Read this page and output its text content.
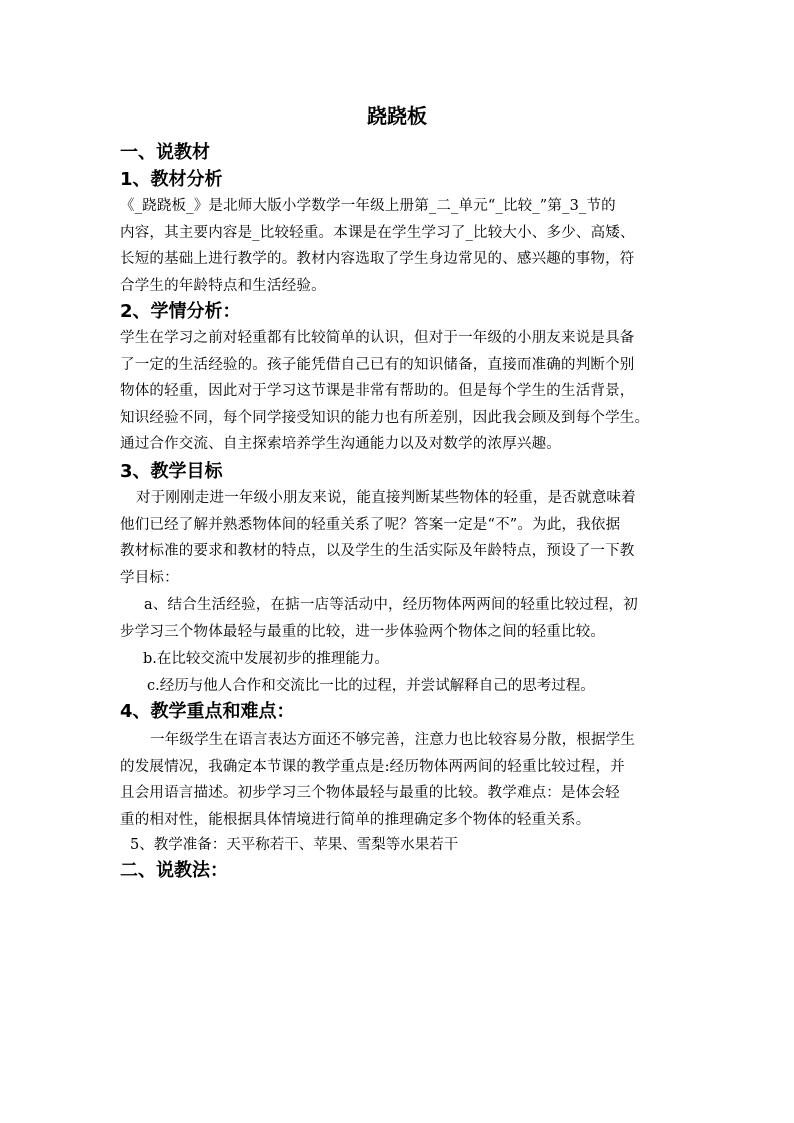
跷跷板
一、说教材
1、教材分析
《_跷跷板_》是北师大版小学数学一年级上册第_二_单元“_比较_”第_3_节的
内容，其主要内容是_比较轻重。本课是在学生学习了_比较大小、多少、高矮、
长短的基础上进行教学的。教材内容选取了学生身边常见的、感兴趣的事物，符
合学生的年龄特点和生活经验。
2、学情分析：
学生在学习之前对轻重都有比较简单的认识，但对于一年级的小朋友来说是具备
了一定的生活经验的。孩子能凭借自己已有的知识储备，直接而准确的判断个别
物体的轻重，因此对于学习这节课是非常有帮助的。但是每个学生的生活背景，
知识经验不同，每个同学接受知识的能力也有所差别，因此我会顾及到每个学生。
通过合作交流、自主探索培养学生沟通能力以及对数学的浓厚兴趣。
3、教学目标
对于刚刚走进一年级小朋友来说，能直接判断某些物体的轻重，是否就意味着
他们已经了解并熟悉物体间的轻重关系了呢？答案一定是“不”。为此，我依据
教材标准的要求和教材的特点，以及学生的生活实际及年龄特点，预设了一下教
学目标：
a、结合生活经验，在掂一店等活动中，经历物体两两间的轻重比较过程，初
步学习三个物体最轻与最重的比较，进一步体验两个物体之间的轻重比较。
b.在比较交流中发展初步的推理能力。
c.经历与他人合作和交流比一比的过程，并尝试解释自己的思考过程。
4、教学重点和难点：
一年级学生在语言表达方面还不够完善，注意力也比较容易分散，根据学生
的发展情况，我确定本节课的教学重点是:经历物体两两间的轻重比较过程，并
且会用语言描述。初步学习三个物体最轻与最重的比较。教学难点：是体会轻
重的相对性，能根据具体情境进行简单的推理确定多个物体的轻重关系。
5、教学准备：天平称若干、苹果、雪梨等水果若干
二、说教法：
